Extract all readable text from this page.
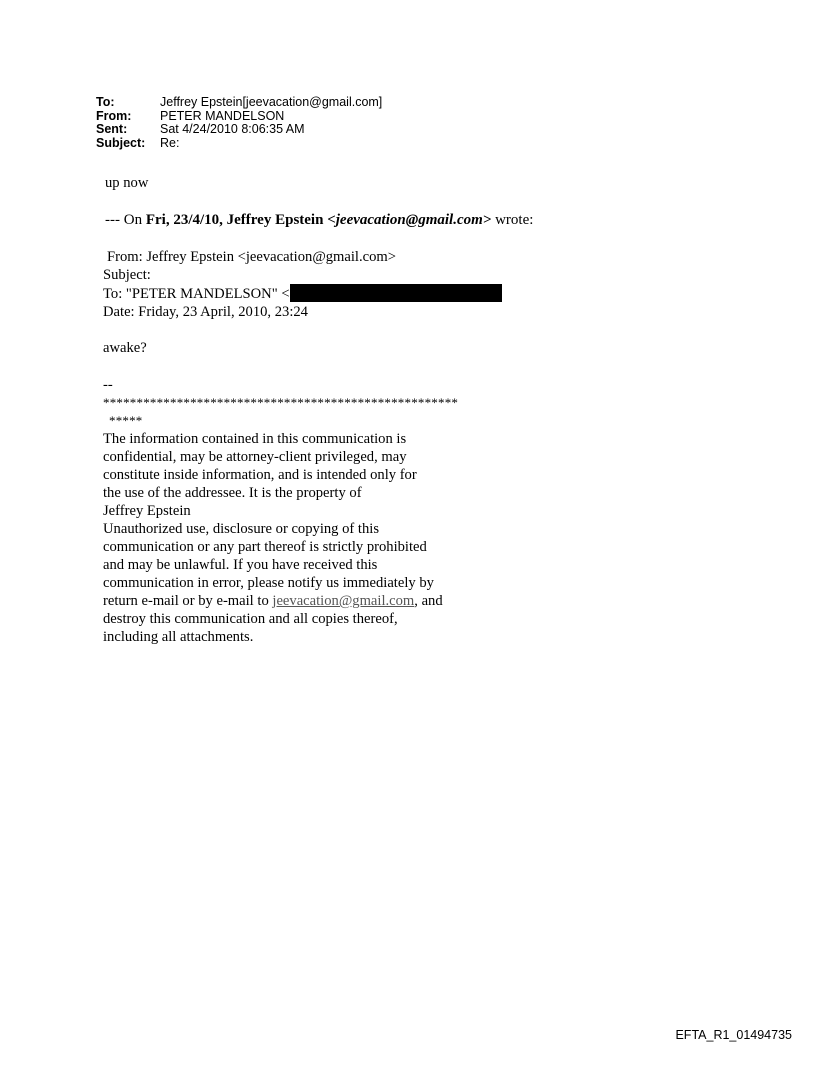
To:	Jeffrey Epstein[jeevacation@gmail.com]
From:	PETER MANDELSON
Sent:	Sat 4/24/2010 8:06:35 AM
Subject:	Re:
up now
--- On Fri, 23/4/10, Jeffrey Epstein <jeevacation@gmail.com> wrote:
From: Jeffrey Epstein <jeevacation@gmail.com>
Subject:
To: "PETER MANDELSON" <
Date: Friday, 23 April, 2010, 23:24
awake?
--
*****************************************************
*****
The information contained in this communication is
confidential, may be attorney-client privileged, may
constitute inside information, and is intended only for
the use of the addressee. It is the property of
Jeffrey Epstein
Unauthorized use, disclosure or copying of this
communication or any part thereof is strictly prohibited
and may be unlawful. If you have received this
communication in error, please notify us immediately by
return e-mail or by e-mail to jeevacation@gmail.com, and
destroy this communication and all copies thereof,
including all attachments.
EFTA_R1_01494735
